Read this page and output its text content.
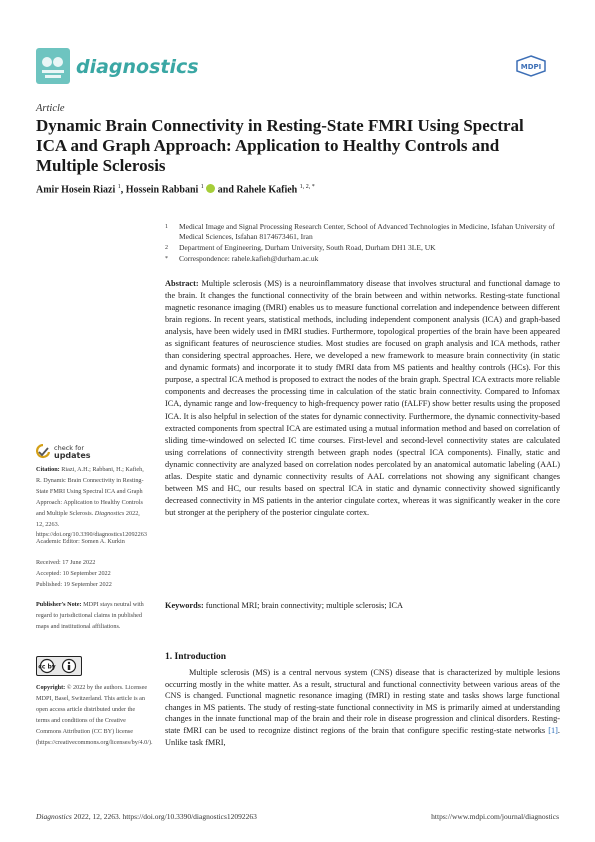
diagnostics	MDPI
Article
Dynamic Brain Connectivity in Resting-State FMRI Using Spectral ICA and Graph Approach: Application to Healthy Controls and Multiple Sclerosis
Amir Hosein Riazi $^1$, Hossein Rabbani $^1$  and Rahele Kafieh $^{1, 2, *}$
1	Medical Image and Signal Processing Research Center, School of Advanced Technologies in Medicine, Isfahan University of Medical Sciences, Isfahan 8174673461, Iran
2	Department of Engineering, Durham University, South Road, Durham DH1 3LE, UK
*	Correspondence: rahele.kafieh@durham.ac.uk
Abstract: Multiple sclerosis (MS) is a neuroinflammatory disease that involves structural and functional damage to the brain. It changes the functional connectivity of the brain between and within networks. Resting-state functional magnetic resonance imaging (fMRI) enables us to measure functional correlation and independence between different brain regions. In recent years, statistical methods, including independent component analysis (ICA) and graph-based analysis, have been widely used in fMRI studies. Furthermore, topological properties of the brain have been appeared as significant features of neuroscience studies. Most studies are focused on graph analysis and ICA methods, rather than considering spectral approaches. Here, we developed a new framework to measure brain connectivity (in static and dynamic formats) and incorporate it to study fMRI data from MS patients and healthy controls (HCs). For this purpose, a spectral ICA method is proposed to extract the nodes of the brain graph. Spectral ICA extracts more reliable components and decreases the processing time in calculation of the static brain connectivity. Compared to Infomax ICA, dynamic range and low-frequency to high-frequency power ratio (fALFF) show better results using the proposed ICA. It is also helpful in selection of the states for dynamic connectivity. Furthermore, the dynamic connectivity-based extracted components from spectral ICA are estimated using a mutual information method and based on correlation of sliding time-windowed on selected IC time courses. First-level and second-level connectivity states are calculated using correlations of connectivity strength between graph nodes (spectral ICA components). Finally, static and dynamic connectivity are analyzed based on correlation nodes percolated by an anatomical automatic labeling (AAL) atlas. Despite static and dynamic connectivity results of AAL correlations not showing any significant changes between MS and HC, our results based on spectral ICA in static and dynamic connectivity showed significantly decreased connectivity in MS patients in the anterior cingulate cortex, whereas it was significantly weaker in the core but stronger at the periphery of the posterior cingulate cortex.
Keywords: functional MRI; brain connectivity; multiple sclerosis; ICA
check for
updates
Citation: Riazi, A.H.; Rabbani, H.; Kafieh, R. Dynamic Brain Connectivity in Resting-State FMRI Using Spectral ICA and Graph Approach: Application to Healthy Controls and Multiple Sclerosis. Diagnostics 2022, 12, 2263. https://doi.org/10.3390/diagnostics12092263
Academic Editor: Somen A. Kurkin
Received: 17 June 2022
Accepted: 10 September 2022
Published: 19 September 2022
Publisher's Note: MDPI stays neutral with regard to jurisdictional claims in published maps and institutional affiliations.
cc by
Copyright: © 2022 by the authors. Licensee MDPI, Basel, Switzerland. This article is an open access article distributed under the terms and conditions of the Creative Commons Attribution (CC BY) license (https://creativecommons.org/licenses/by/4.0/).
1. Introduction
Multiple sclerosis (MS) is a central nervous system (CNS) disease that is characterized by multiple lesions occurring mostly in the white matter. As a result, structural and functional connectivity between various areas of the CNS is changed. Functional magnetic resonance imaging (fMRI) in resting state and tasks shows large functional changes in MS patients. The study of resting-state functional connectivity in MS is primarily aimed at understanding changes in the innate functional map of the brain and their role in disease progression and clinical disorders. Resting-state fMRI can be used to recognize distinct regions of the brain that configure specific resting-state networks [1]. Unlike task fMRI,
Diagnostics 2022, 12, 2263. https://doi.org/10.3390/diagnostics12092263	https://www.mdpi.com/journal/diagnostics
